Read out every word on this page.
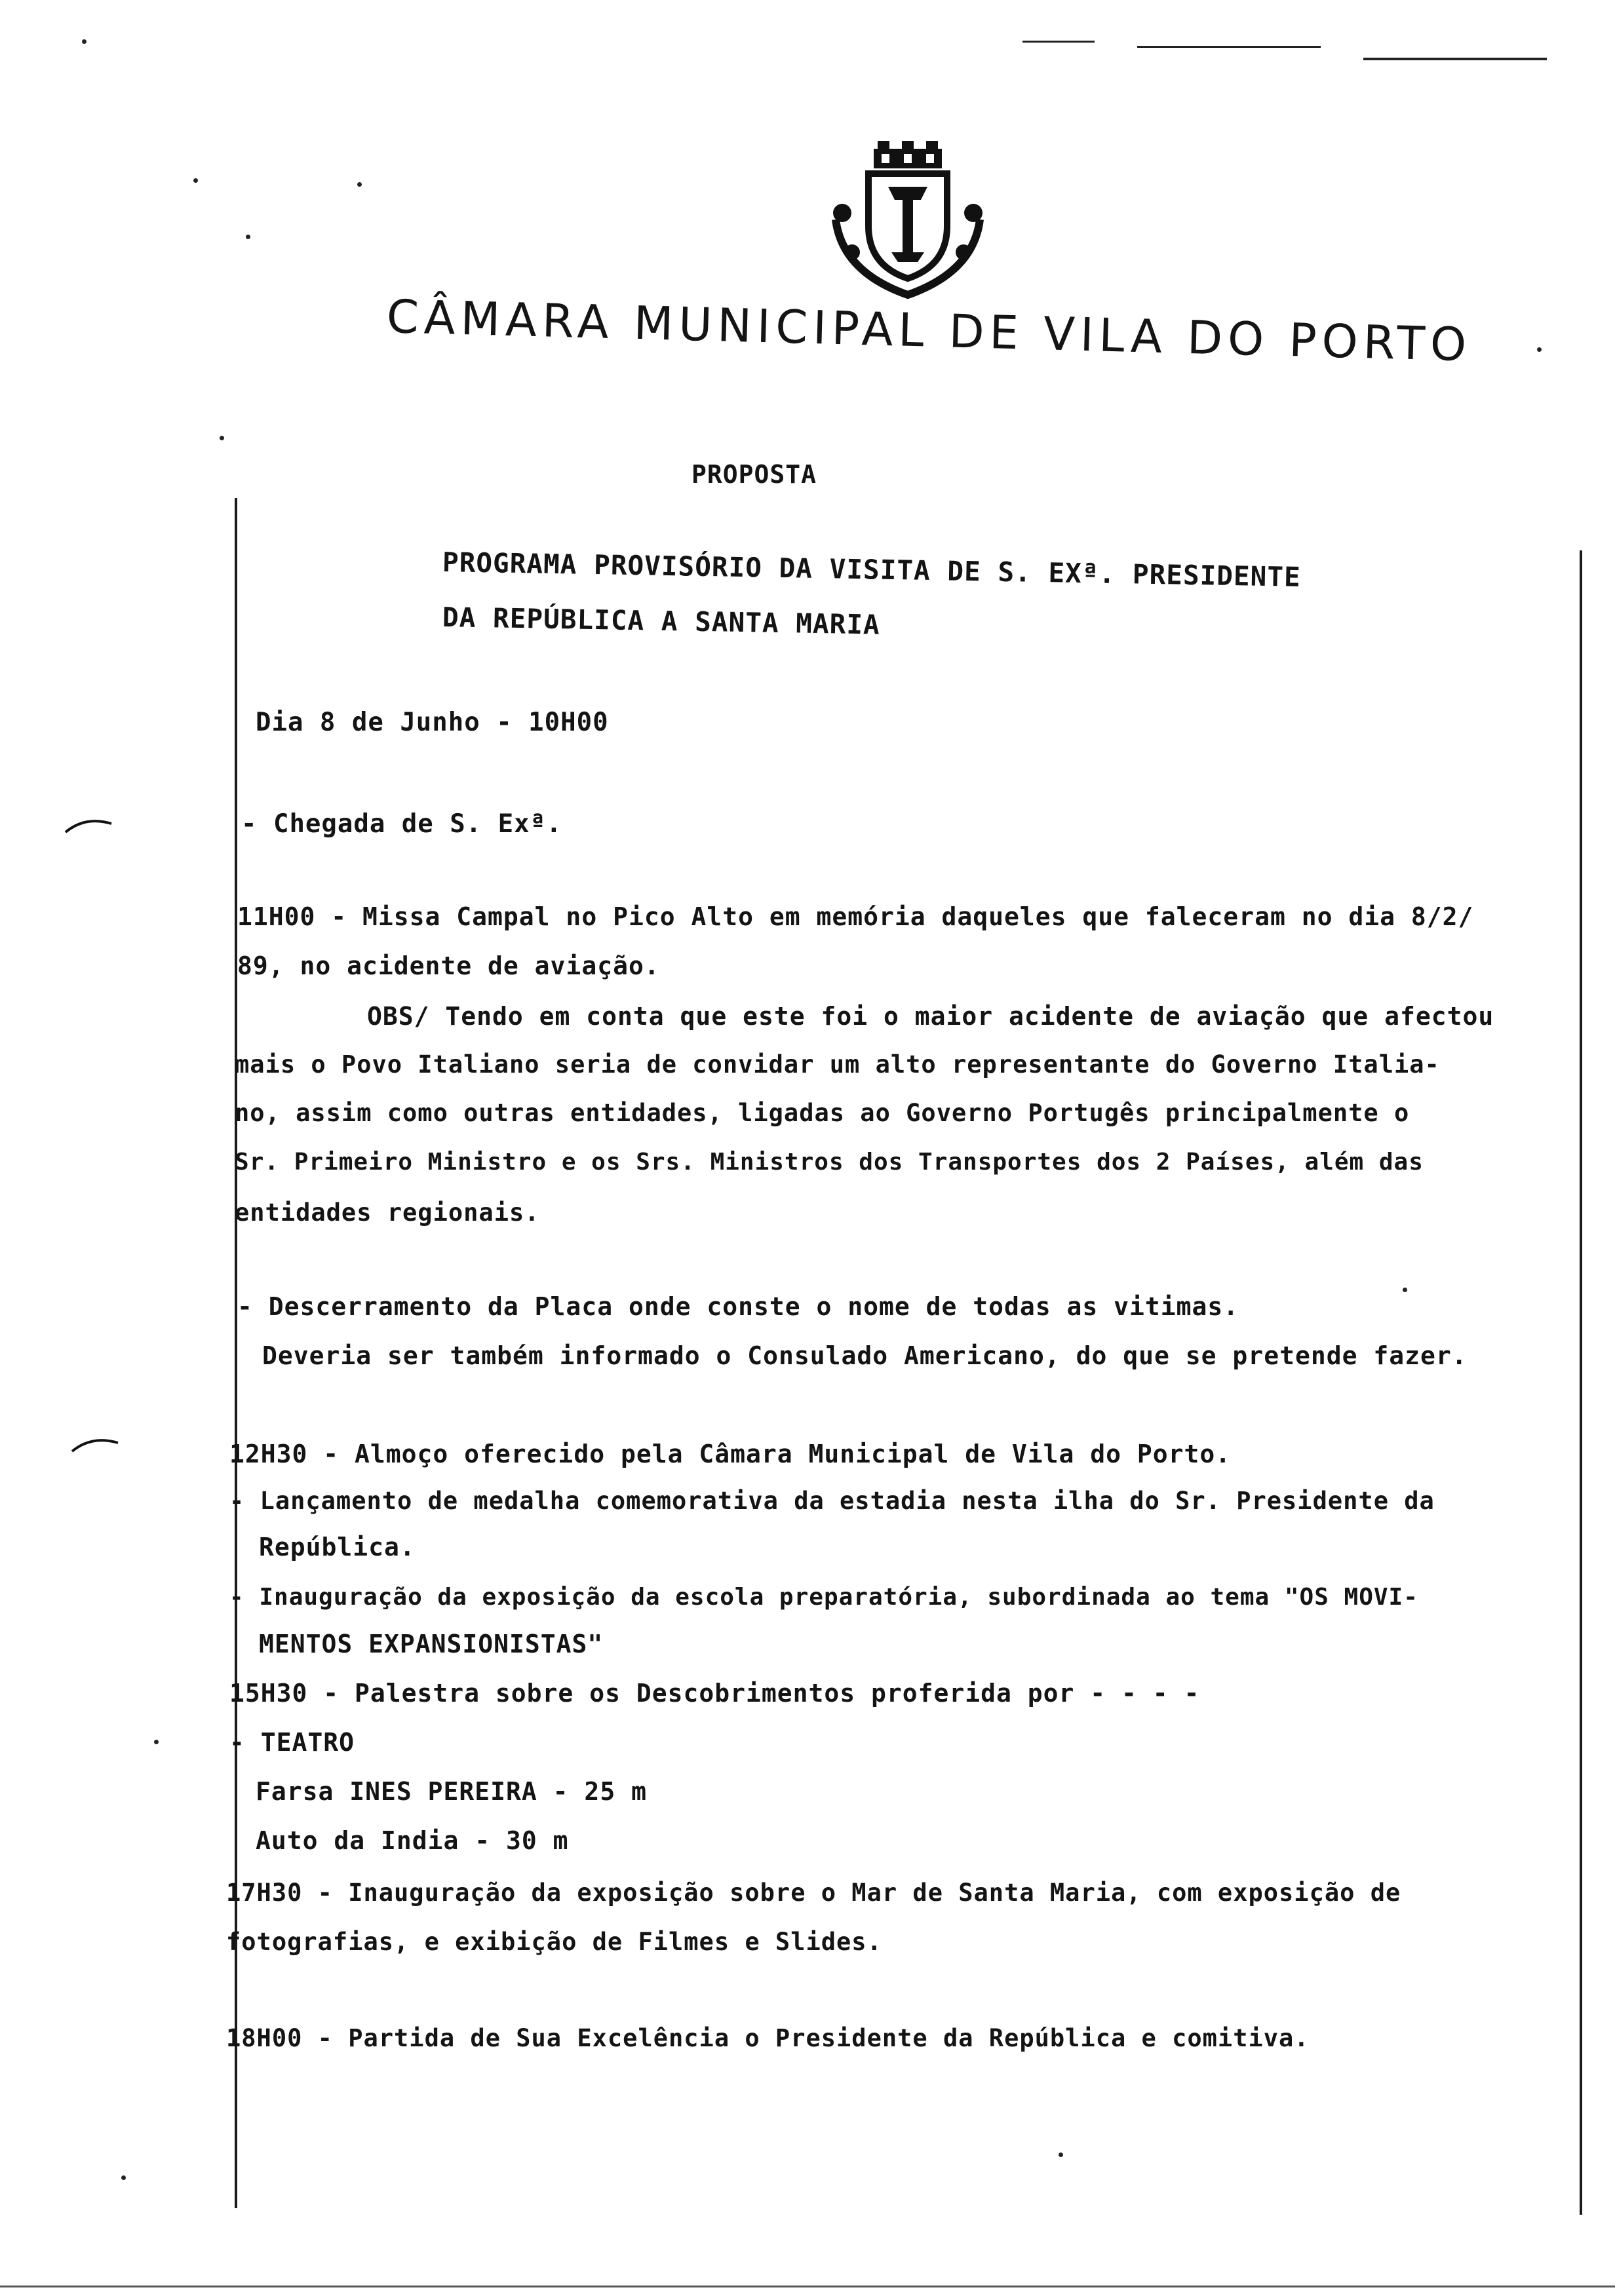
CÂMARA MUNICIPAL DE VILA DO PORTO

PROPOSTA

PROGRAMA PROVISÓRIO DA VISITA DE S. EXª. PRESIDENTE

DA REPÚBLICA A SANTA MARIA

Dia 8 de Junho - 10H00

- Chegada de S. Exª.

11H00 - Missa Campal no Pico Alto em memória daqueles que faleceram no dia 8/2/

89, no acidente de aviação.

OBS/ Tendo em conta que este foi o maior acidente de aviação que afectou

mais o Povo Italiano seria de convidar um alto representante do Governo Italia-

no, assim como outras entidades, ligadas ao Governo Portugês principalmente o

Sr. Primeiro Ministro e os Srs. Ministros dos Transportes dos 2 Países, além das

entidades regionais.

- Descerramento da Placa onde conste o nome de todas as vitimas.

Deveria ser também informado o Consulado Americano, do que se pretende fazer.

12H30 - Almoço oferecido pela Câmara Municipal de Vila do Porto.

- Lançamento de medalha comemorativa da estadia nesta ilha do Sr. Presidente da

República.

- Inauguração da exposição da escola preparatória, subordinada ao tema "OS MOVI-

MENTOS EXPANSIONISTAS"

15H30 - Palestra sobre os Descobrimentos proferida por - - - -

- TEATRO

Farsa INES PEREIRA - 25 m

Auto da India - 30 m

17H30 - Inauguração da exposição sobre o Mar de Santa Maria, com exposição de

fotografias, e exibição de Filmes e Slides.

18H00 - Partida de Sua Excelência o Presidente da República e comitiva.
